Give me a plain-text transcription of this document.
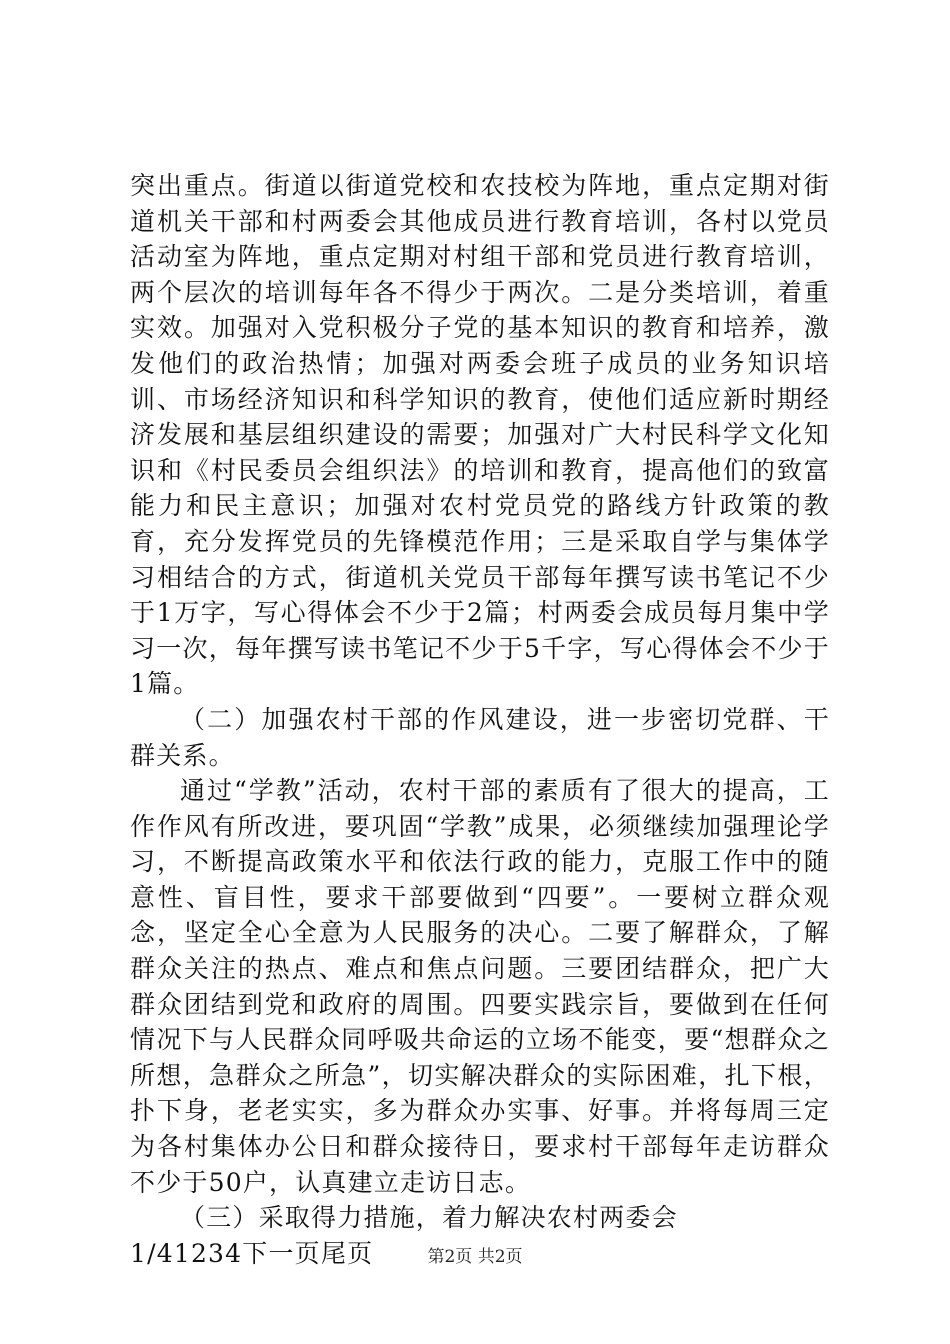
突出重点。街道以街道党校和农技校为阵地，重点定期对街道机关干部和村两委会其他成员进行教育培训，各村以党员活动室为阵地，重点定期对村组干部和党员进行教育培训，两个层次的培训每年各不得少于两次。二是分类培训，着重实效。加强对入党积极分子党的基本知识的教育和培养，激发他们的政治热情；加强对两委会班子成员的业务知识培训、市场经济知识和科学知识的教育，使他们适应新时期经济发展和基层组织建设的需要；加强对广大村民科学文化知识和《村民委员会组织法》的培训和教育，提高他们的致富能力和民主意识；加强对农村党员党的路线方针政策的教育，充分发挥党员的先锋模范作用；三是采取自学与集体学习相结合的方式，街道机关党员干部每年撰写读书笔记不少于1万字，写心得体会不少于2篇；村两委会成员每月集中学习一次，每年撰写读书笔记不少于5千字，写心得体会不少于1篇。

（二）加强农村干部的作风建设，进一步密切党群、干群关系。

通过“学教”活动，农村干部的素质有了很大的提高，工作作风有所改进，要巩固“学教”成果，必须继续加强理论学习，不断提高政策水平和依法行政的能力，克服工作中的随意性、盲目性，要求干部要做到“四要”。一要树立群众观念，坚定全心全意为人民服务的决心。二要了解群众，了解群众关注的热点、难点和焦点问题。三要团结群众，把广大群众团结到党和政府的周围。四要实践宗旨，要做到在任何情况下与人民群众同呼吸共命运的立场不能变，要“想群众之所想，急群众之所急”，切实解决群众的实际困难，扎下根，扑下身，老老实实，多为群众办实事、好事。并将每周三定为各村集体办公日和群众接待日，要求村干部每年走访群众不少于50户，认真建立走访日志。

（三）采取得力措施，着力解决农村两委会

1/41234下一页尾页	第2页 共2页
